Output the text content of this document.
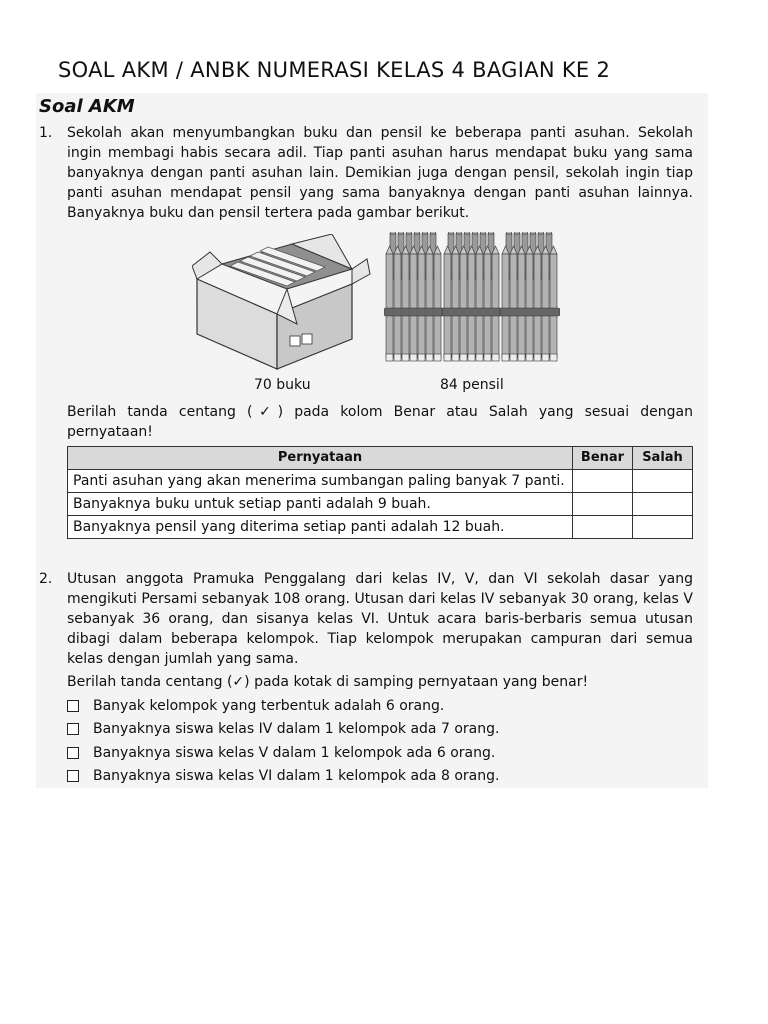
SOAL AKM / ANBK NUMERASI KELAS 4 BAGIAN KE 2
Soal AKM
1. Sekolah akan menyumbangkan buku dan pensil ke beberapa panti asuhan. Sekolah ingin membagi habis secara adil. Tiap panti asuhan harus mendapat buku yang sama banyaknya dengan panti asuhan lain. Demikian juga dengan pensil, sekolah ingin tiap panti asuhan mendapat pensil yang sama banyaknya dengan panti asuhan lainnya. Banyaknya buku dan pensil tertera pada gambar berikut.

70 buku	84 pensil

Berilah tanda centang (✓) pada kolom Benar atau Salah yang sesuai dengan pernyataan!

Pernyataan	Benar	Salah
Panti asuhan yang akan menerima sumbangan paling banyak 7 panti.		
Banyaknya buku untuk setiap panti adalah 9 buah.		
Banyaknya pensil yang diterima setiap panti adalah 12 buah.		
2. Utusan anggota Pramuka Penggalang dari kelas IV, V, dan VI sekolah dasar yang mengikuti Persami sebanyak 108 orang. Utusan dari kelas IV sebanyak 30 orang, kelas V sebanyak 36 orang, dan sisanya kelas VI. Untuk acara baris-berbaris semua utusan dibagi dalam beberapa kelompok. Tiap kelompok merupakan campuran dari semua kelas dengan jumlah yang sama.

Berilah tanda centang (✓) pada kotak di samping pernyataan yang benar!

Banyak kelompok yang terbentuk adalah 6 orang.
Banyaknya siswa kelas IV dalam 1 kelompok ada 7 orang.
Banyaknya siswa kelas V dalam 1 kelompok ada 6 orang.
Banyaknya siswa kelas VI dalam 1 kelompok ada 8 orang.
